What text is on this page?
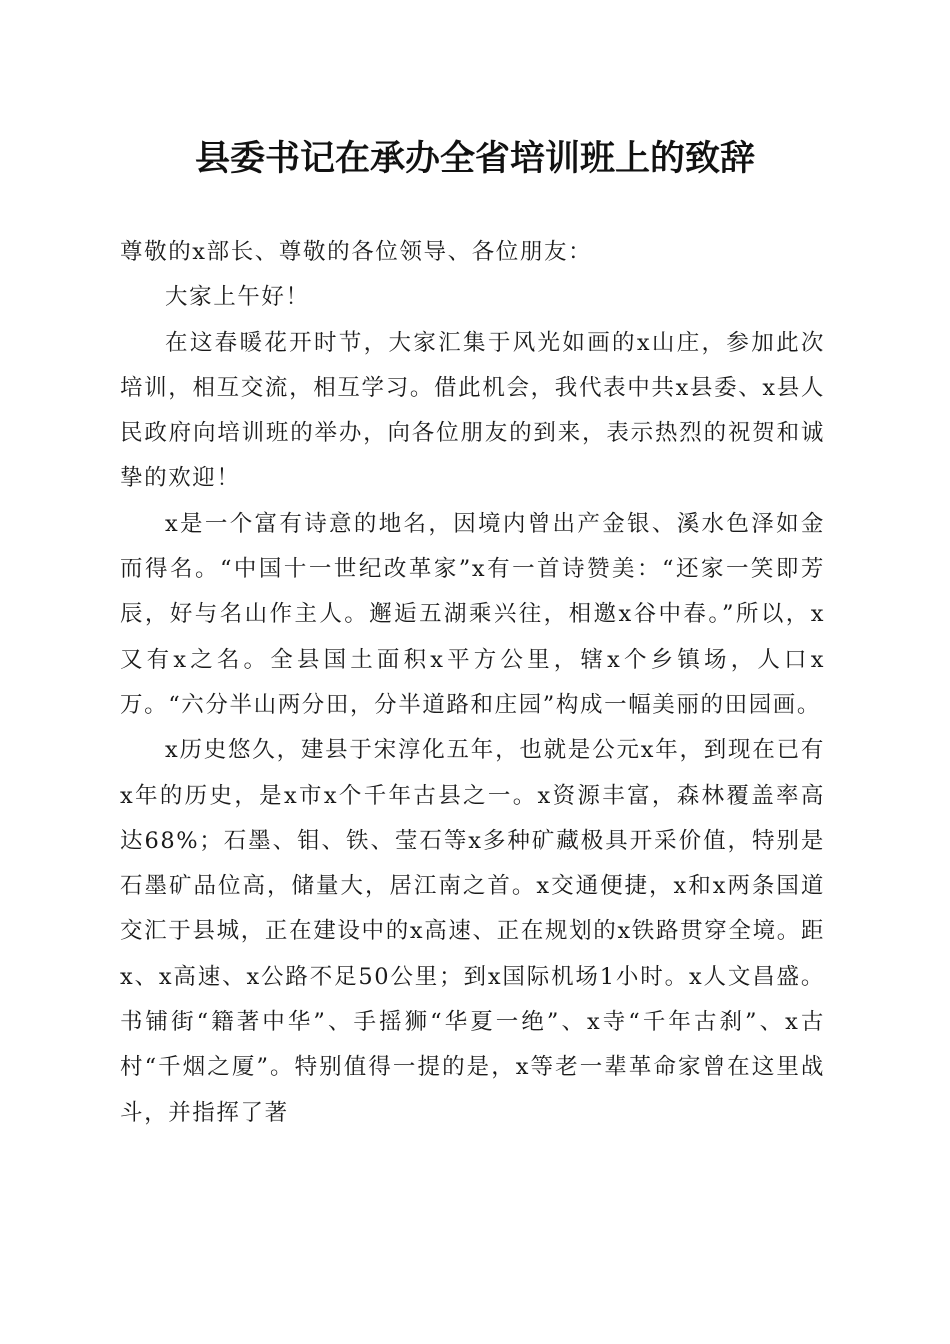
县委书记在承办全省培训班上的致辞

尊敬的x部长、尊敬的各位领导、各位朋友：

大家上午好！

在这春暖花开时节，大家汇集于风光如画的x山庄，参加此次培训，相互交流，相互学习。借此机会，我代表中共x县委、x县人民政府向培训班的举办，向各位朋友的到来，表示热烈的祝贺和诚挚的欢迎！

x是一个富有诗意的地名，因境内曾出产金银、溪水色泽如金而得名。“中国十一世纪改革家”x有一首诗赞美：“还家一笑即芳辰，好与名山作主人。邂逅五湖乘兴往，相邀x谷中春。”所以，x又有x之名。全县国土面积x平方公里，辖x个乡镇场，人口x万。“六分半山两分田，分半道路和庄园”构成一幅美丽的田园画。

x历史悠久，建县于宋淳化五年，也就是公元x年，到现在已有x年的历史，是x市x个千年古县之一。x资源丰富，森林覆盖率高达68%；石墨、钼、铁、莹石等x多种矿藏极具开采价值，特别是石墨矿品位高，储量大，居江南之首。x交通便捷，x和x两条国道交汇于县城，正在建设中的x高速、正在规划的x铁路贯穿全境。距x、x高速、x公路不足50公里；到x国际机场1小时。x人文昌盛。书铺街“籍著中华”、手摇狮“华夏一绝”、x寺“千年古刹”、x古村“千烟之厦”。特别值得一提的是，x等老一辈革命家曾在这里战斗，并指挥了著
